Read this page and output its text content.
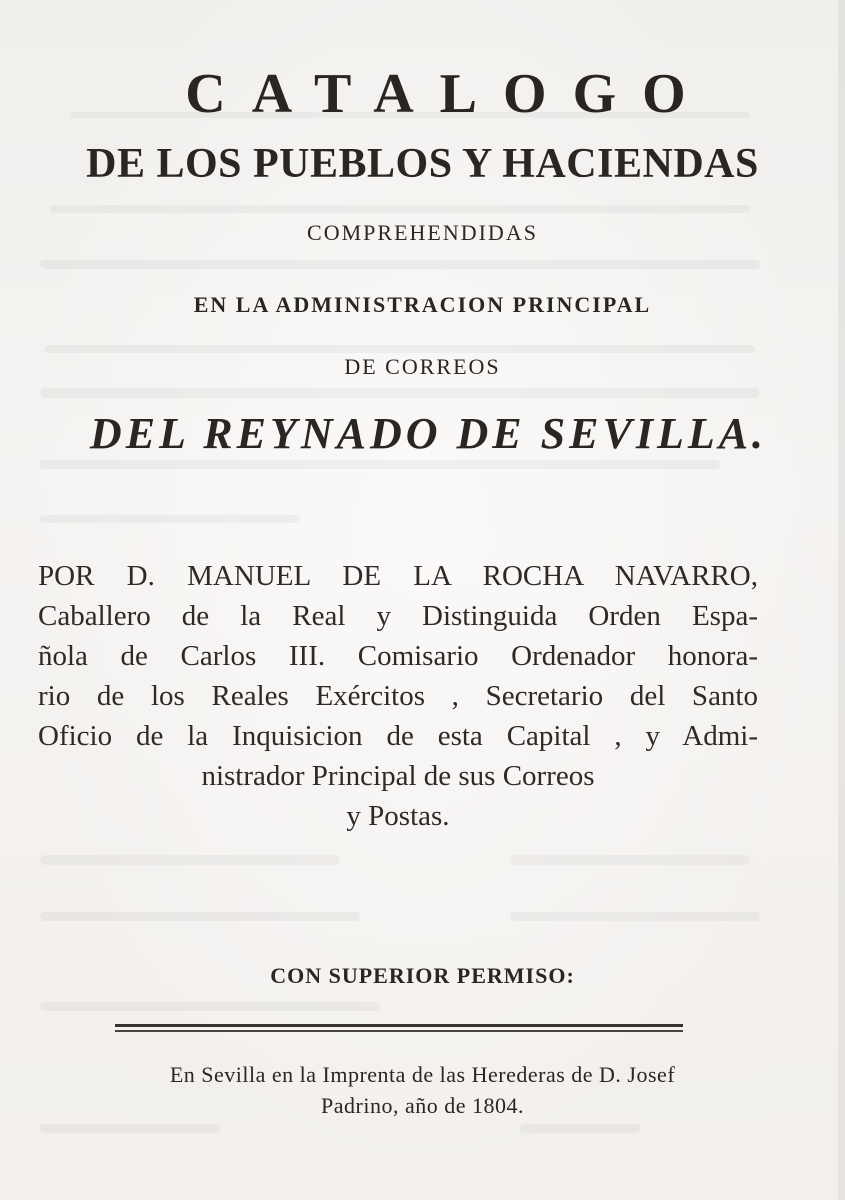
CATALOGO
DE LOS PUEBLOS Y HACIENDAS
COMPREHENDIDAS
EN LA ADMINISTRACION PRINCIPAL
DE CORREOS
DEL REYNADO DE SEVILLA.
POR D. MANUEL DE LA ROCHA NAVARRO,
Caballero de la Real y Distinguida Orden Espa-
ñola de Carlos III. Comisario Ordenador honora-
rio de los Reales Exércitos , Secretario del Santo
Oficio de la Inquisicion de esta Capital , y Admi-
nistrador Principal de sus Correos
y Postas.
CON SUPERIOR PERMISO:
En Sevilla en la Imprenta de las Herederas de D. Josef
Padrino, año de 1804.
